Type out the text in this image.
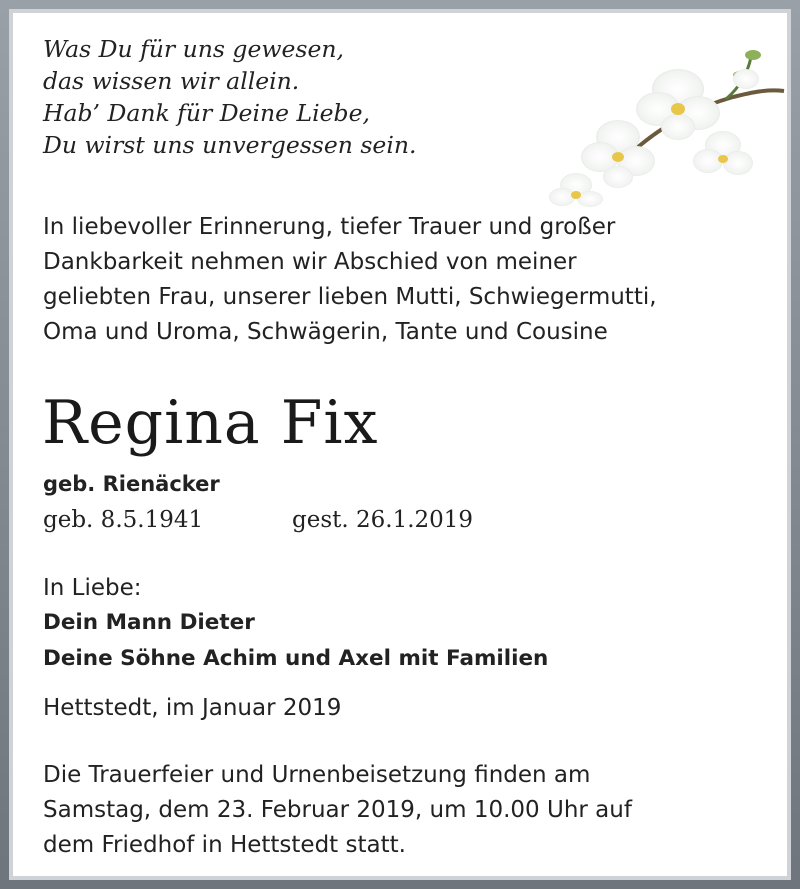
Was Du für uns gewesen,
das wissen wir allein.
Hab’ Dank für Deine Liebe,
Du wirst uns unvergessen sein.
In liebevoller Erinnerung, tiefer Trauer und großer
Dankbarkeit nehmen wir Abschied von meiner
geliebten Frau, unserer lieben Mutti, Schwiegermutti,
Oma und Uroma, Schwägerin, Tante und Cousine
Regina Fix
geb. Rienäcker
geb. 8.5.1941	gest. 26.1.2019
In Liebe:
Dein Mann Dieter
Deine Söhne Achim und Axel mit Familien
Hettstedt, im Januar 2019
Die Trauerfeier und Urnenbeisetzung finden am
Samstag, dem 23. Februar 2019, um 10.00 Uhr auf
dem Friedhof in Hettstedt statt.
